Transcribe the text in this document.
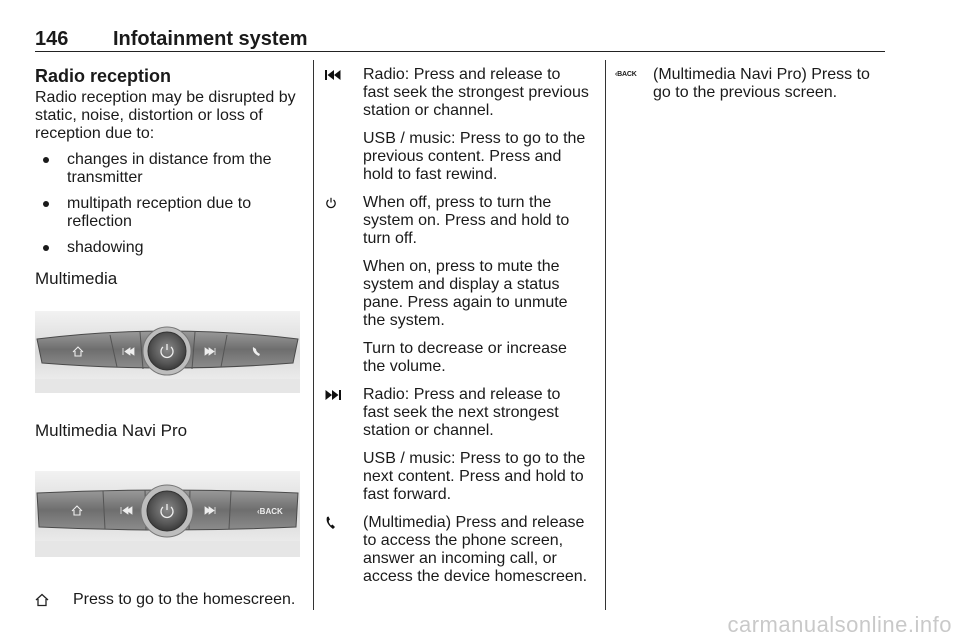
146 Infotainment system
Radio reception

Radio reception may be disrupted by static, noise, distortion or loss of reception due to:

changes in distance from the transmitter
multipath reception due to reflection
shadowing
Multimedia
Multimedia Navi Pro
‹BACK

Press to go to the homescreen.

Radio: Press and release to fast seek the strongest previous station or channel.

USB / music: Press to go to the previous content. Press and hold to fast rewind.

When off, press to turn the system on. Press and hold to turn off.

When on, press to mute the system and display a status pane. Press again to unmute the system.

Turn to decrease or increase the volume.

Radio: Press and release to fast seek the next strongest station or channel.

USB / music: Press to go to the next content. Press and hold to fast forward.

(Multimedia) Press and release to access the phone screen, answer an incoming call, or access the device homescreen.

‹BACK (Multimedia Navi Pro) Press to go to the previous screen.

carmanualsonline.info
